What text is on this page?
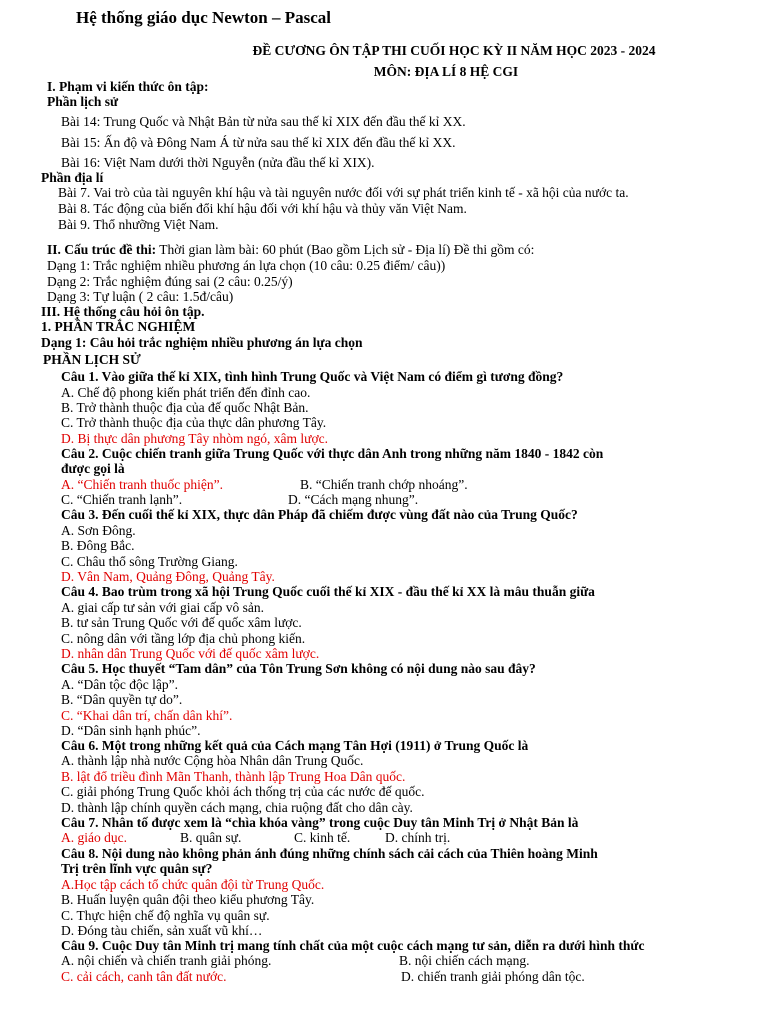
Hệ thống giáo dục Newton – Pascal
ĐỀ CƯƠNG ÔN TẬP THI CUỐI HỌC KỲ II NĂM HỌC 2023 - 2024
MÔN: ĐỊA LÍ 8 HỆ CGI
I. Phạm vi kiến thức ôn tập:
Phần lịch sử
Bài 14: Trung Quốc và Nhật Bản từ nửa sau thế kỉ XIX đến đầu thế kỉ XX.
Bài 15: Ấn độ và Đông Nam Á từ nửa sau thế kỉ XIX đến đầu thế kỉ XX.
Bài 16: Việt Nam dưới thời Nguyễn (nửa đầu thế kỉ XIX).
Phần địa lí
Bài 7. Vai trò của tài nguyên khí hậu và tài nguyên nước đối với sự phát triển kinh tế - xã hội của nước ta.
Bài 8. Tác động của biến đổi khí hậu đối với khí hậu và thủy văn Việt Nam.
Bài 9. Thổ nhưỡng Việt Nam.
II. Cấu trúc đề thi: Thời gian làm bài: 60 phút (Bao gồm Lịch sử - Địa lí) Đề thi gồm có:
Dạng 1: Trắc nghiệm nhiều phương án lựa chọn (10 câu: 0.25 điểm/ câu))
Dạng 2: Trắc nghiệm đúng sai (2 câu: 0.25/ý)
Dạng 3: Tự luận ( 2 câu: 1.5đ/câu)
III. Hệ thống câu hỏi ôn tập.
1. PHẦN TRẮC NGHIỆM
Dạng 1: Câu hỏi trắc nghiệm nhiều phương án lựa chọn
PHẦN LỊCH SỬ
Câu 1. Vào giữa thế kỉ XIX, tình hình Trung Quốc và Việt Nam có điểm gì tương đồng?
A. Chế độ phong kiến phát triển đến đỉnh cao.
B. Trở thành thuộc địa của đế quốc Nhật Bản.
C. Trở thành thuộc địa của thực dân phương Tây.
D. Bị thực dân phương Tây nhòm ngó, xâm lược.
Câu 2. Cuộc chiến tranh giữa Trung Quốc với thực dân Anh trong những năm 1840 - 1842 còn
được gọi là
A. “Chiến tranh thuốc phiện”.	B. “Chiến tranh chớp nhoáng”.
C. “Chiến tranh lạnh”.	D. “Cách mạng nhung”.
Câu 3. Đến cuối thế kỉ XIX, thực dân Pháp đã chiếm được vùng đất nào của Trung Quốc?
A. Sơn Đông.
B. Đông Bắc.
C. Châu thổ sông Trường Giang.
D. Vân Nam, Quảng Đông, Quảng Tây.
Câu 4. Bao trùm trong xã hội Trung Quốc cuối thế kỉ XIX - đầu thế kỉ XX là mâu thuẫn giữa
A. giai cấp tư sản với giai cấp vô sản.
B. tư sản Trung Quốc với đế quốc xâm lược.
C. nông dân với tầng lớp địa chủ phong kiến.
D. nhân dân Trung Quốc với đế quốc xâm lược.
Câu 5. Học thuyết “Tam dân” của Tôn Trung Sơn không có nội dung nào sau đây?
A. “Dân tộc độc lập”.
B. “Dân quyền tự do”.
C. “Khai dân trí, chấn dân khí”.
D. “Dân sinh hạnh phúc”.
Câu 6. Một trong những kết quả của Cách mạng Tân Hợi (1911) ở Trung Quốc là
A. thành lập nhà nước Cộng hòa Nhân dân Trung Quốc.
B. lật đổ triều đình Mãn Thanh, thành lập Trung Hoa Dân quốc.
C. giải phóng Trung Quốc khỏi ách thống trị của các nước đế quốc.
D. thành lập chính quyền cách mạng, chia ruộng đất cho dân cày.
Câu 7. Nhân tố được xem là “chìa khóa vàng” trong cuộc Duy tân Minh Trị ở Nhật Bản là
A. giáo dục.	B. quân sự.	C. kinh tế.	D. chính trị.
Câu 8. Nội dung nào không phản ánh đúng những chính sách cải cách của Thiên hoàng Minh
Trị trên lĩnh vực quân sự?
A.Học tập cách tổ chức quân đội từ Trung Quốc.
B. Huấn luyện quân đội theo kiểu phương Tây.
C. Thực hiện chế độ nghĩa vụ quân sự.
D. Đóng tàu chiến, sản xuất vũ khí…
Câu 9. Cuộc Duy tân Minh trị mang tính chất của một cuộc cách mạng tư sản, diễn ra dưới hình thức
A. nội chiến và chiến tranh giải phóng.	B. nội chiến cách mạng.
C. cải cách, canh tân đất nước.	D. chiến tranh giải phóng dân tộc.
